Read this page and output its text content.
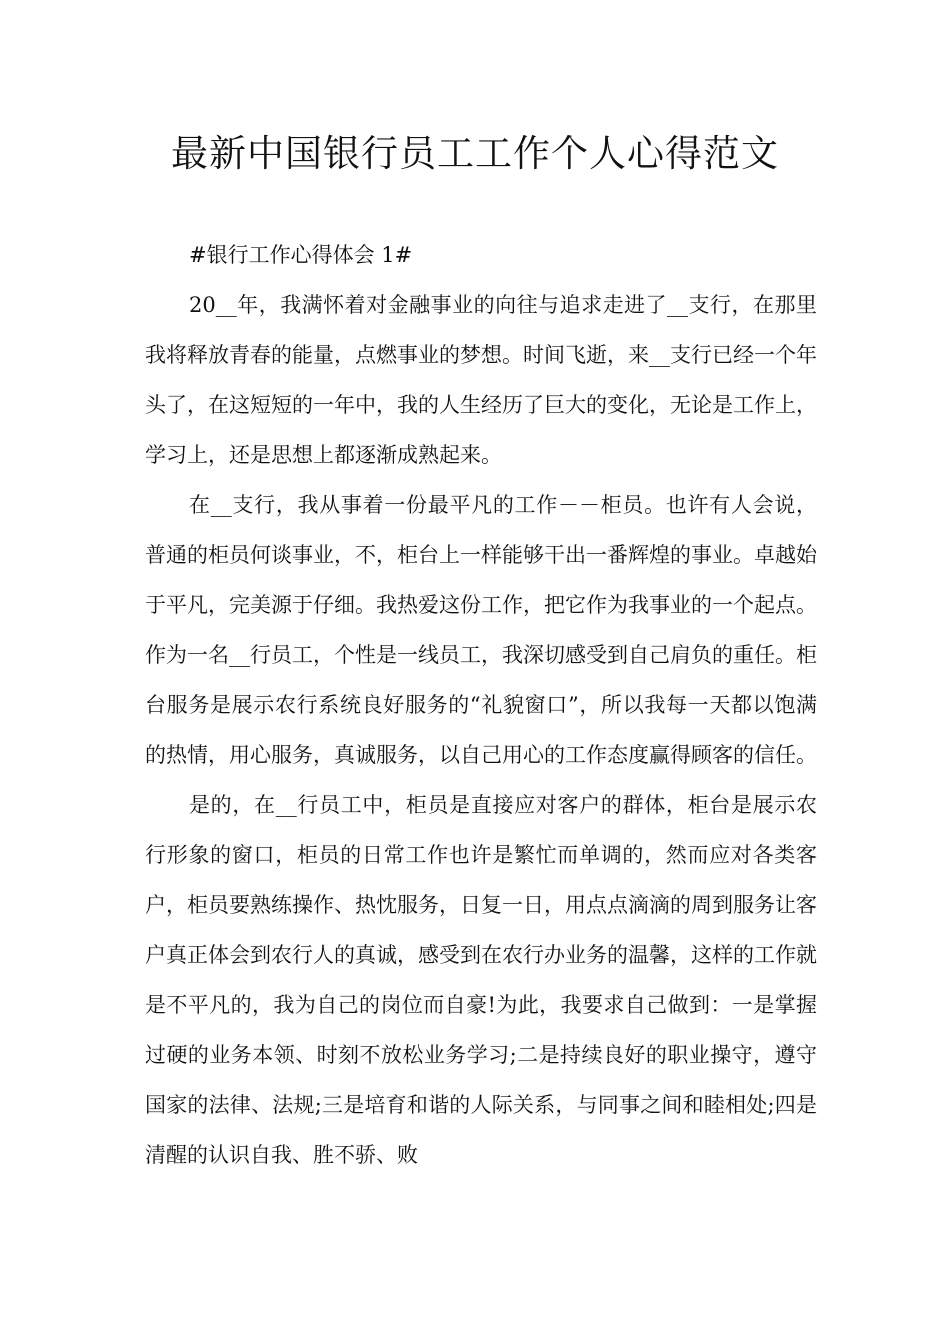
最新中国银行员工工作个人心得范文

#银行工作心得体会 1#

20__年，我满怀着对金融事业的向往与追求走进了__支行，在那里我将释放青春的能量，点燃事业的梦想。时间飞逝，来__支行已经一个年头了，在这短短的一年中，我的人生经历了巨大的变化，无论是工作上，学习上，还是思想上都逐渐成熟起来。

在__支行，我从事着一份最平凡的工作－－柜员。也许有人会说，普通的柜员何谈事业，不，柜台上一样能够干出一番辉煌的事业。卓越始于平凡，完美源于仔细。我热爱这份工作，把它作为我事业的一个起点。作为一名__行员工，个性是一线员工，我深切感受到自己肩负的重任。柜台服务是展示农行系统良好服务的“礼貌窗口”，所以我每一天都以饱满的热情，用心服务，真诚服务，以自己用心的工作态度赢得顾客的信任。

是的，在__行员工中，柜员是直接应对客户的群体，柜台是展示农行形象的窗口，柜员的日常工作也许是繁忙而单调的，然而应对各类客户，柜员要熟练操作、热忱服务，日复一日，用点点滴滴的周到服务让客户真正体会到农行人的真诚，感受到在农行办业务的温馨，这样的工作就是不平凡的，我为自己的岗位而自豪!为此，我要求自己做到：一是掌握过硬的业务本领、时刻不放松业务学习;二是持续良好的职业操守，遵守国家的法律、法规;三是培育和谐的人际关系，与同事之间和睦相处;四是清醒的认识自我、胜不骄、败
